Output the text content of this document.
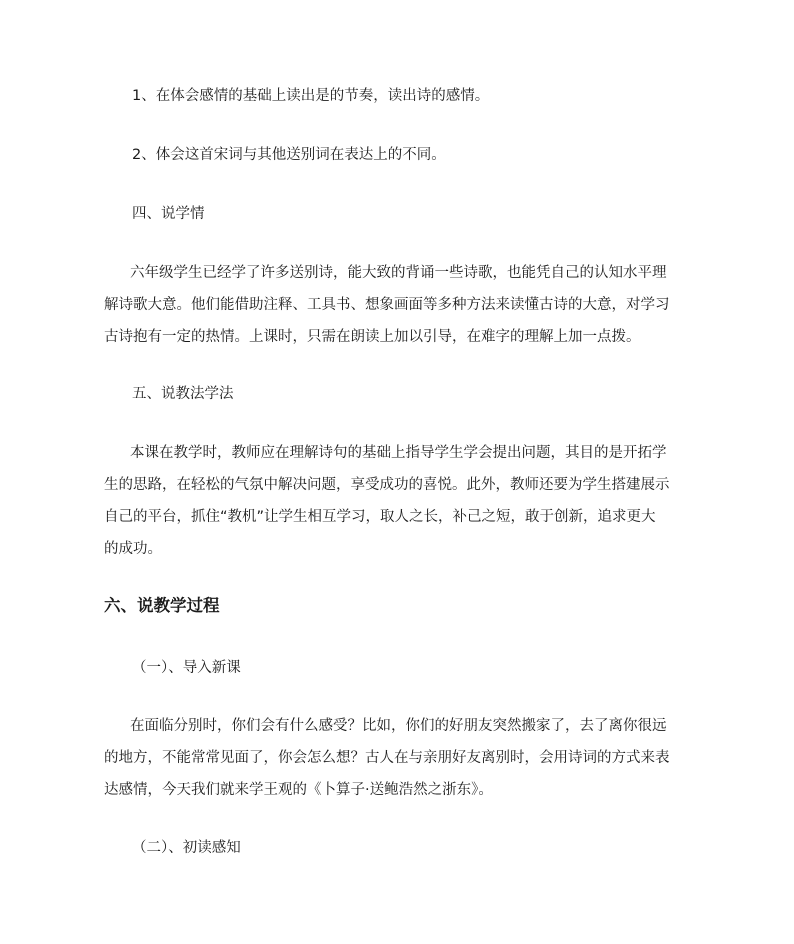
1、在体会感情的基础上读出是的节奏，读出诗的感情。
2、体会这首宋词与其他送别词在表达上的不同。
四、说学情
六年级学生已经学了许多送别诗，能大致的背诵一些诗歌，也能凭自己的认知水平理
解诗歌大意。他们能借助注释、工具书、想象画面等多种方法来读懂古诗的大意，对学习
古诗抱有一定的热情。上课时，只需在朗读上加以引导，在难字的理解上加一点拨。
五、说教法学法
本课在教学时，教师应在理解诗句的基础上指导学生学会提出问题，其目的是开拓学
生的思路，在轻松的气氛中解决问题，享受成功的喜悦。此外，教师还要为学生搭建展示
自己的平台，抓住“教机”让学生相互学习，取人之长，补己之短，敢于创新，追求更大
的成功。
六、说教学过程
（一）、导入新课
在面临分别时，你们会有什么感受？比如，你们的好朋友突然搬家了，去了离你很远
的地方，不能常常见面了，你会怎么想？古人在与亲朋好友离别时，会用诗词的方式来表
达感情，今天我们就来学王观的《卜算子·送鲍浩然之浙东》。
（二）、初读感知
